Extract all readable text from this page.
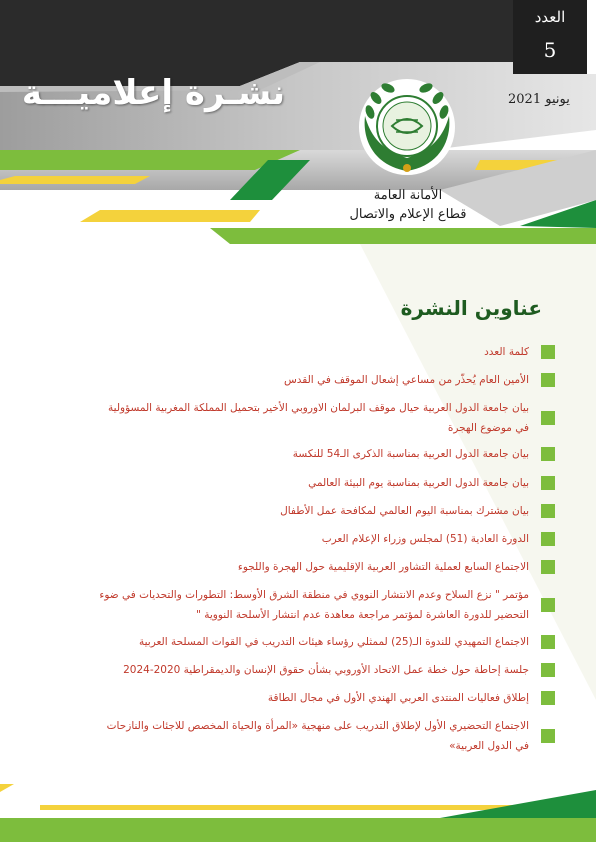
العدد
5
يونيو 2021
نشـرة إعلاميـــة
الأمانة العامة
قطاع الإعلام والاتصال
عناوين النشرة
كلمة العدد
الأمين العام يُحذّر من مساعي إشعال الموقف في القدس
بيان جامعة الدول العربية حيال موقف البرلمان الاوروبي الأخير بتحميل المملكة المغربية المسؤولية في موضوع الهجرة
بيان جامعة الدول العربية بمناسبة الذكرى الـ54 للنكسة
بيان جامعة الدول العربية بمناسبة يوم البيئة العالمي
بيان مشترك بمناسبة اليوم العالمي لمكافحة عمل الأطفال
الدورة العادية (51) لمجلس وزراء الإعلام العرب
الاجتماع السابع لعملية التشاور العربية الإقليمية حول الهجرة واللجوء
مؤتمر " نزع السلاح وعدم الانتشار النووي في منطقة الشرق الأوسط: التطورات والتحديات في ضوء التحضير للدورة العاشرة لمؤتمر مراجعة معاهدة عدم انتشار الأسلحة النووية "
الاجتماع التمهيدي للندوة الـ(25) لممثلي رؤساء هيئات التدريب في القوات المسلحة العربية
جلسة إحاطة حول خطة عمل الاتحاد الأوروبي بشأن حقوق الإنسان والديمقراطية 2020-2024
إطلاق فعاليات المنتدى العربي الهندي الأول في مجال الطاقة
الاجتماع التحضيري الأول لإطلاق التدريب على منهجية «المرأة والحياة المخصص للاجئات والنازحات في الدول العربية»
